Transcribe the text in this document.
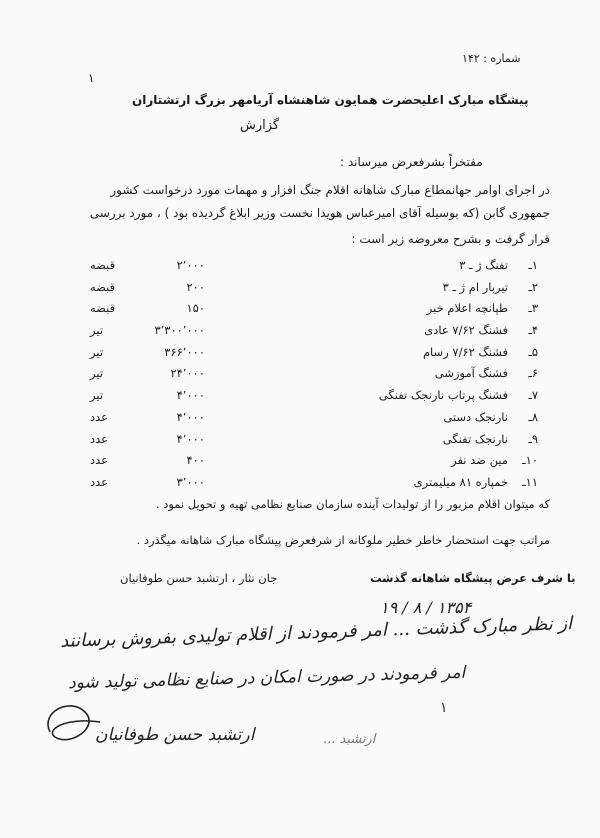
شماره : ۱۴۲
۱
پیشگاه مبارک اعلیحضرت همایون شاهنشاه آریامهر بزرگ ارتشتاران
گزارش
مفتخراً بشرفعرض میرساند :
در اجرای اوامر جهانمطاع مبارک شاهانه اقلام جنگ افزار و مهمات مورد درخواست کشور
جمهوری گابن (که بوسیله آقای امیرعباس هویدا نخست وزیر ابلاغ گردیده بود ) ، مورد بررسی
قرار گرفت و بشرح معروضه زیر است :
۱ـ
تفنگ ژ ـ ۳
۲٬۰۰۰
قبضه
۲ـ
تیربار ام ژ ـ ۳
۲۰۰
قبضه
۳ـ
طپانچه اعلام خبر
۱۵۰
قبضه
۴ـ
فشنگ ۷/۶۲ عادی
۳٬۳۰۰٬۰۰۰
تیر
۵ـ
فشنگ ۷/۶۲ رسام
۳۶۶٬۰۰۰
تیر
۶ـ
فشنگ آموزشی
۲۴٬۰۰۰
تیر
۷ـ
فشنگ پرتاب نارنجک تفنگی
۴٬۰۰۰
تیر
۸ـ
نارنجک دستی
۴٬۰۰۰
عدد
۹ـ
نارنجک تفنگی
۴٬۰۰۰
عدد
۱۰ـ
مین ضد نفر
۴۰۰
عدد
۱۱ـ
خمپاره ۸۱ میلیمتری
۳٬۰۰۰
عدد
که میتوان اقلام مزبور را از تولیدات آینده سازمان صنایع نظامی تهیه و تحویل نمود .
مراتب جهت استحضار خاطر خطیر ملوکانه از شرفعرض پیشگاه مبارک شاهانه میگذرد .
با شرف عرض پیشگاه شاهانه گذشت
جان نثار ، ارتشبد حسن طوفانیان
۱۹ / ۸ / ۱۳۵۴
از نظر مبارک گذشت ... امر فرمودند از اقلام تولیدی بفروش برسانند
امر فرمودند در صورت امکان در صنایع نظامی تولید شود
ارتشبد حسن طوفانیان	ارتشبد ...
١
